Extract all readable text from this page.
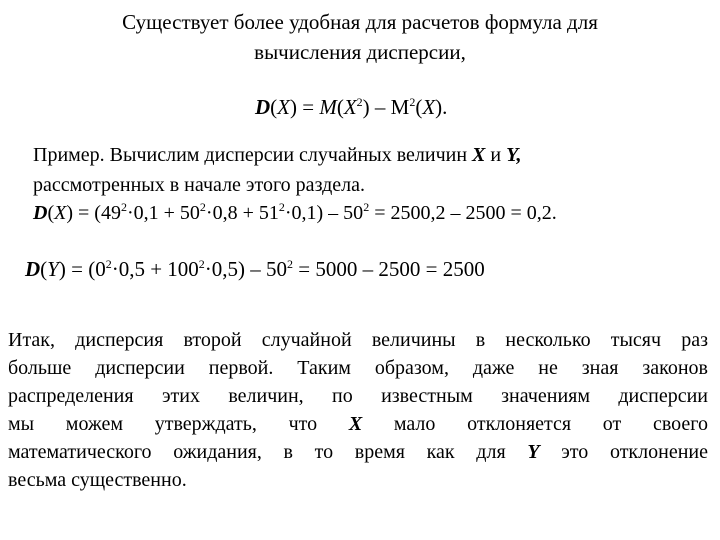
Существует более удобная для расчетов формула для
вычисления дисперсии,
$D(X) = M(X^2) - M^2(X)$.
Пример. Вычислим дисперсии случайных величин X и Y,
рассмотренных в начале этого раздела.
$D(X) = (49^2\cdot 0,1 + 50^2\cdot 0,8 + 51^2\cdot 0,1) - 50^2 = 2500,2 - 2500 = 0,2$.
$D(Y) = (0^2\cdot 0,5 + 100^2\cdot 0,5) - 50^2 = 5000 - 2500 = 2500$
Итак, дисперсия второй случайной величины в несколько тысяч раз
больше дисперсии первой. Таким образом, даже не зная законов
распределения этих величин, по известным значениям дисперсии
мы можем утверждать, что X мало отклоняется от своего
математического ожидания, в то время как для Y это отклонение
весьма существенно.
